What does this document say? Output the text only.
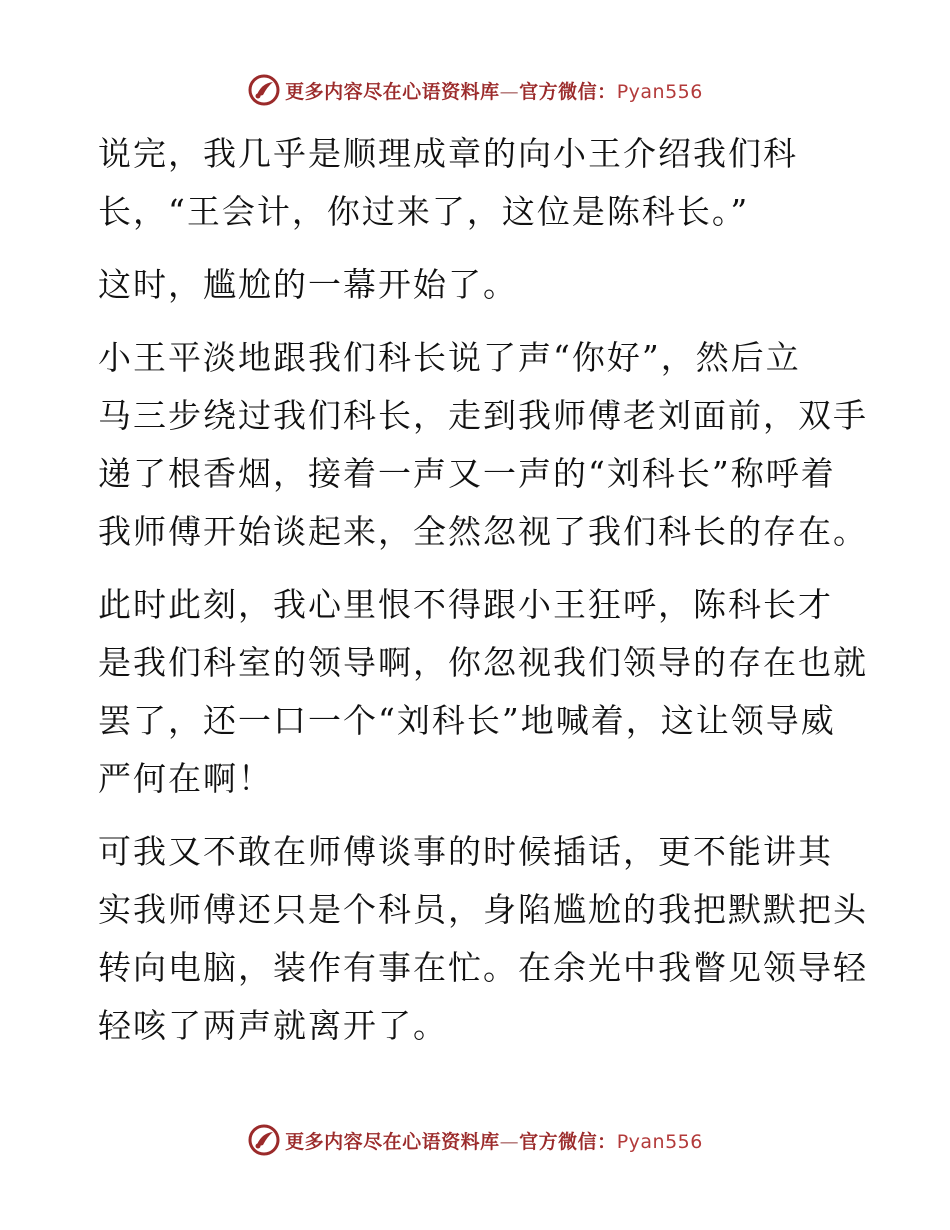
更多内容尽在心语资料库—官方微信：Pyan556

说完，我几乎是顺理成章的向小王介绍我们科
长，“王会计，你过来了，这位是陈科长。”

这时，尴尬的一幕开始了。

小王平淡地跟我们科长说了声“你好”，然后立
马三步绕过我们科长，走到我师傅老刘面前，双手
递了根香烟，接着一声又一声的“刘科长”称呼着
我师傅开始谈起来，全然忽视了我们科长的存在。

此时此刻，我心里恨不得跟小王狂呼，陈科长才
是我们科室的领导啊，你忽视我们领导的存在也就
罢了，还一口一个“刘科长”地喊着，这让领导威
严何在啊！

可我又不敢在师傅谈事的时候插话，更不能讲其
实我师傅还只是个科员，身陷尴尬的我把默默把头
转向电脑，装作有事在忙。在余光中我瞥见领导轻
轻咳了两声就离开了。

更多内容尽在心语资料库—官方微信：Pyan556
